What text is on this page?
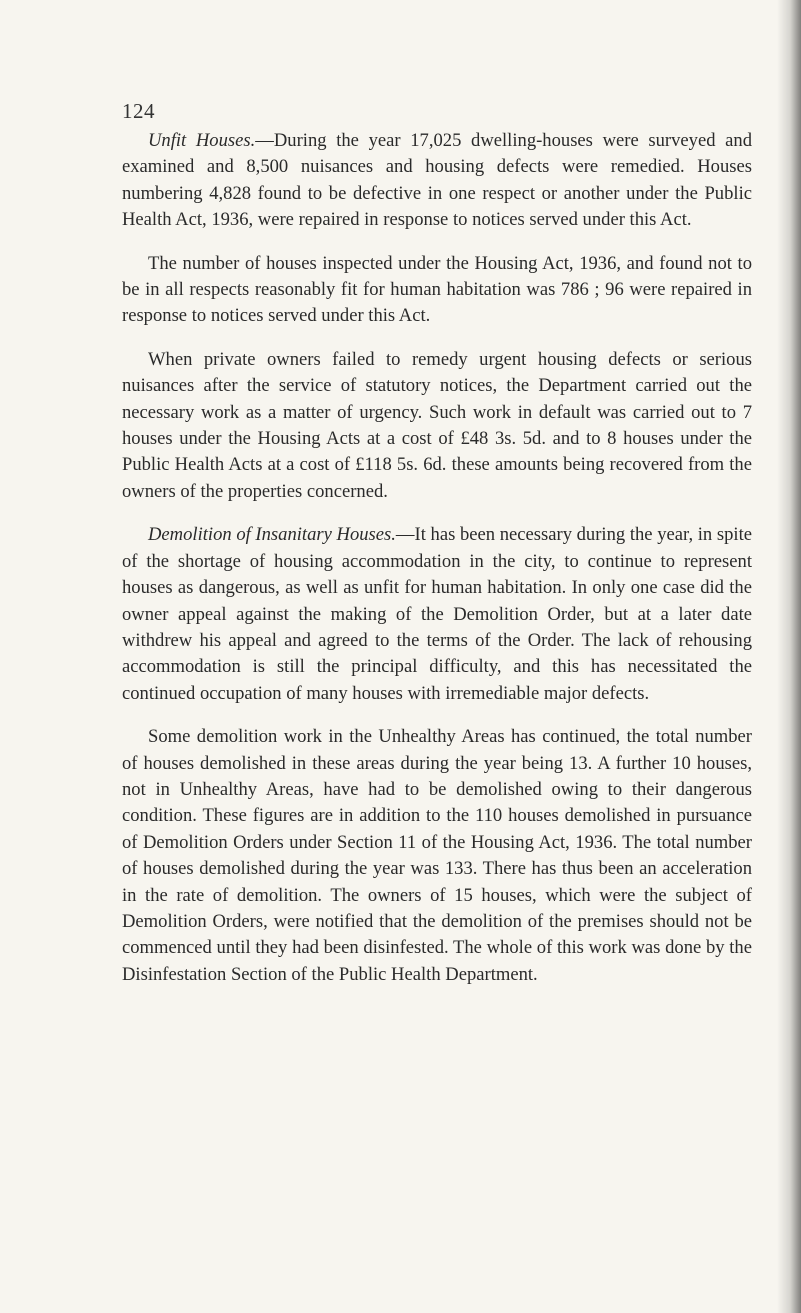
124

Unfit Houses.—During the year 17,025 dwelling-houses were surveyed and examined and 8,500 nuisances and housing defects were remedied. Houses numbering 4,828 found to be defective in one respect or another under the Public Health Act, 1936, were repaired in response to notices served under this Act.

The number of houses inspected under the Housing Act, 1936, and found not to be in all respects reasonably fit for human habitation was 786 ; 96 were repaired in response to notices served under this Act.

When private owners failed to remedy urgent housing defects or serious nuisances after the service of statutory notices, the Department carried out the necessary work as a matter of urgency. Such work in default was carried out to 7 houses under the Housing Acts at a cost of £48 3s. 5d. and to 8 houses under the Public Health Acts at a cost of £118 5s. 6d. these amounts being recovered from the owners of the properties concerned.

Demolition of Insanitary Houses.—It has been necessary during the year, in spite of the shortage of housing accommodation in the city, to continue to represent houses as dangerous, as well as unfit for human habitation. In only one case did the owner appeal against the making of the Demolition Order, but at a later date withdrew his appeal and agreed to the terms of the Order. The lack of rehousing accommodation is still the principal difficulty, and this has necessitated the continued occupation of many houses with irremediable major defects.

Some demolition work in the Unhealthy Areas has continued, the total number of houses demolished in these areas during the year being 13. A further 10 houses, not in Unhealthy Areas, have had to be demolished owing to their dangerous condition. These figures are in addition to the 110 houses demolished in pursuance of Demolition Orders under Section 11 of the Housing Act, 1936. The total number of houses demolished during the year was 133. There has thus been an acceleration in the rate of demolition. The owners of 15 houses, which were the subject of Demolition Orders, were notified that the demolition of the premises should not be commenced until they had been disinfested. The whole of this work was done by the Disinfestation Section of the Public Health Department.
